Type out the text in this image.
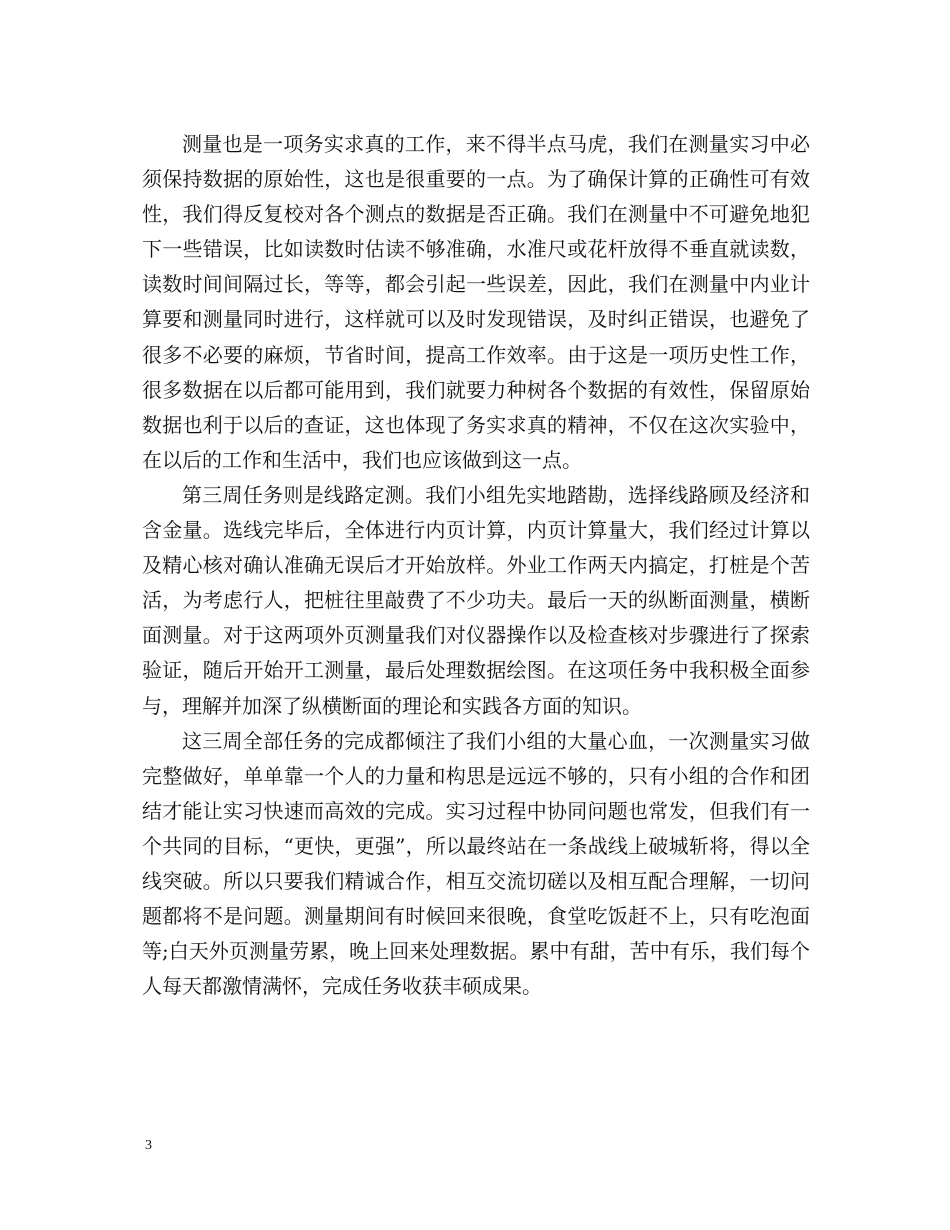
测量也是一项务实求真的工作，来不得半点马虎，我们在测量实习中必须保持数据的原始性，这也是很重要的一点。为了确保计算的正确性可有效性，我们得反复校对各个测点的数据是否正确。我们在测量中不可避免地犯下一些错误，比如读数时估读不够准确，水准尺或花杆放得不垂直就读数，读数时间间隔过长，等等，都会引起一些误差，因此，我们在测量中内业计算要和测量同时进行，这样就可以及时发现错误，及时纠正错误，也避免了很多不必要的麻烦，节省时间，提高工作效率。由于这是一项历史性工作，很多数据在以后都可能用到，我们就要力种树各个数据的有效性，保留原始数据也利于以后的查证，这也体现了务实求真的精神，不仅在这次实验中，在以后的工作和生活中，我们也应该做到这一点。

第三周任务则是线路定测。我们小组先实地踏勘，选择线路顾及经济和含金量。选线完毕后，全体进行内页计算，内页计算量大，我们经过计算以及精心核对确认准确无误后才开始放样。外业工作两天内搞定，打桩是个苦活，为考虑行人，把桩往里敲费了不少功夫。最后一天的纵断面测量，横断面测量。对于这两项外页测量我们对仪器操作以及检查核对步骤进行了探索验证，随后开始开工测量，最后处理数据绘图。在这项任务中我积极全面参与，理解并加深了纵横断面的理论和实践各方面的知识。

这三周全部任务的完成都倾注了我们小组的大量心血，一次测量实习做完整做好，单单靠一个人的力量和构思是远远不够的，只有小组的合作和团结才能让实习快速而高效的完成。实习过程中协同问题也常发，但我们有一个共同的目标，“更快，更强”，所以最终站在一条战线上破城斩将，得以全线突破。所以只要我们精诚合作，相互交流切磋以及相互配合理解，一切问题都将不是问题。测量期间有时候回来很晚，食堂吃饭赶不上，只有吃泡面等;白天外页测量劳累，晚上回来处理数据。累中有甜，苦中有乐，我们每个人每天都激情满怀，完成任务收获丰硕成果。

3
